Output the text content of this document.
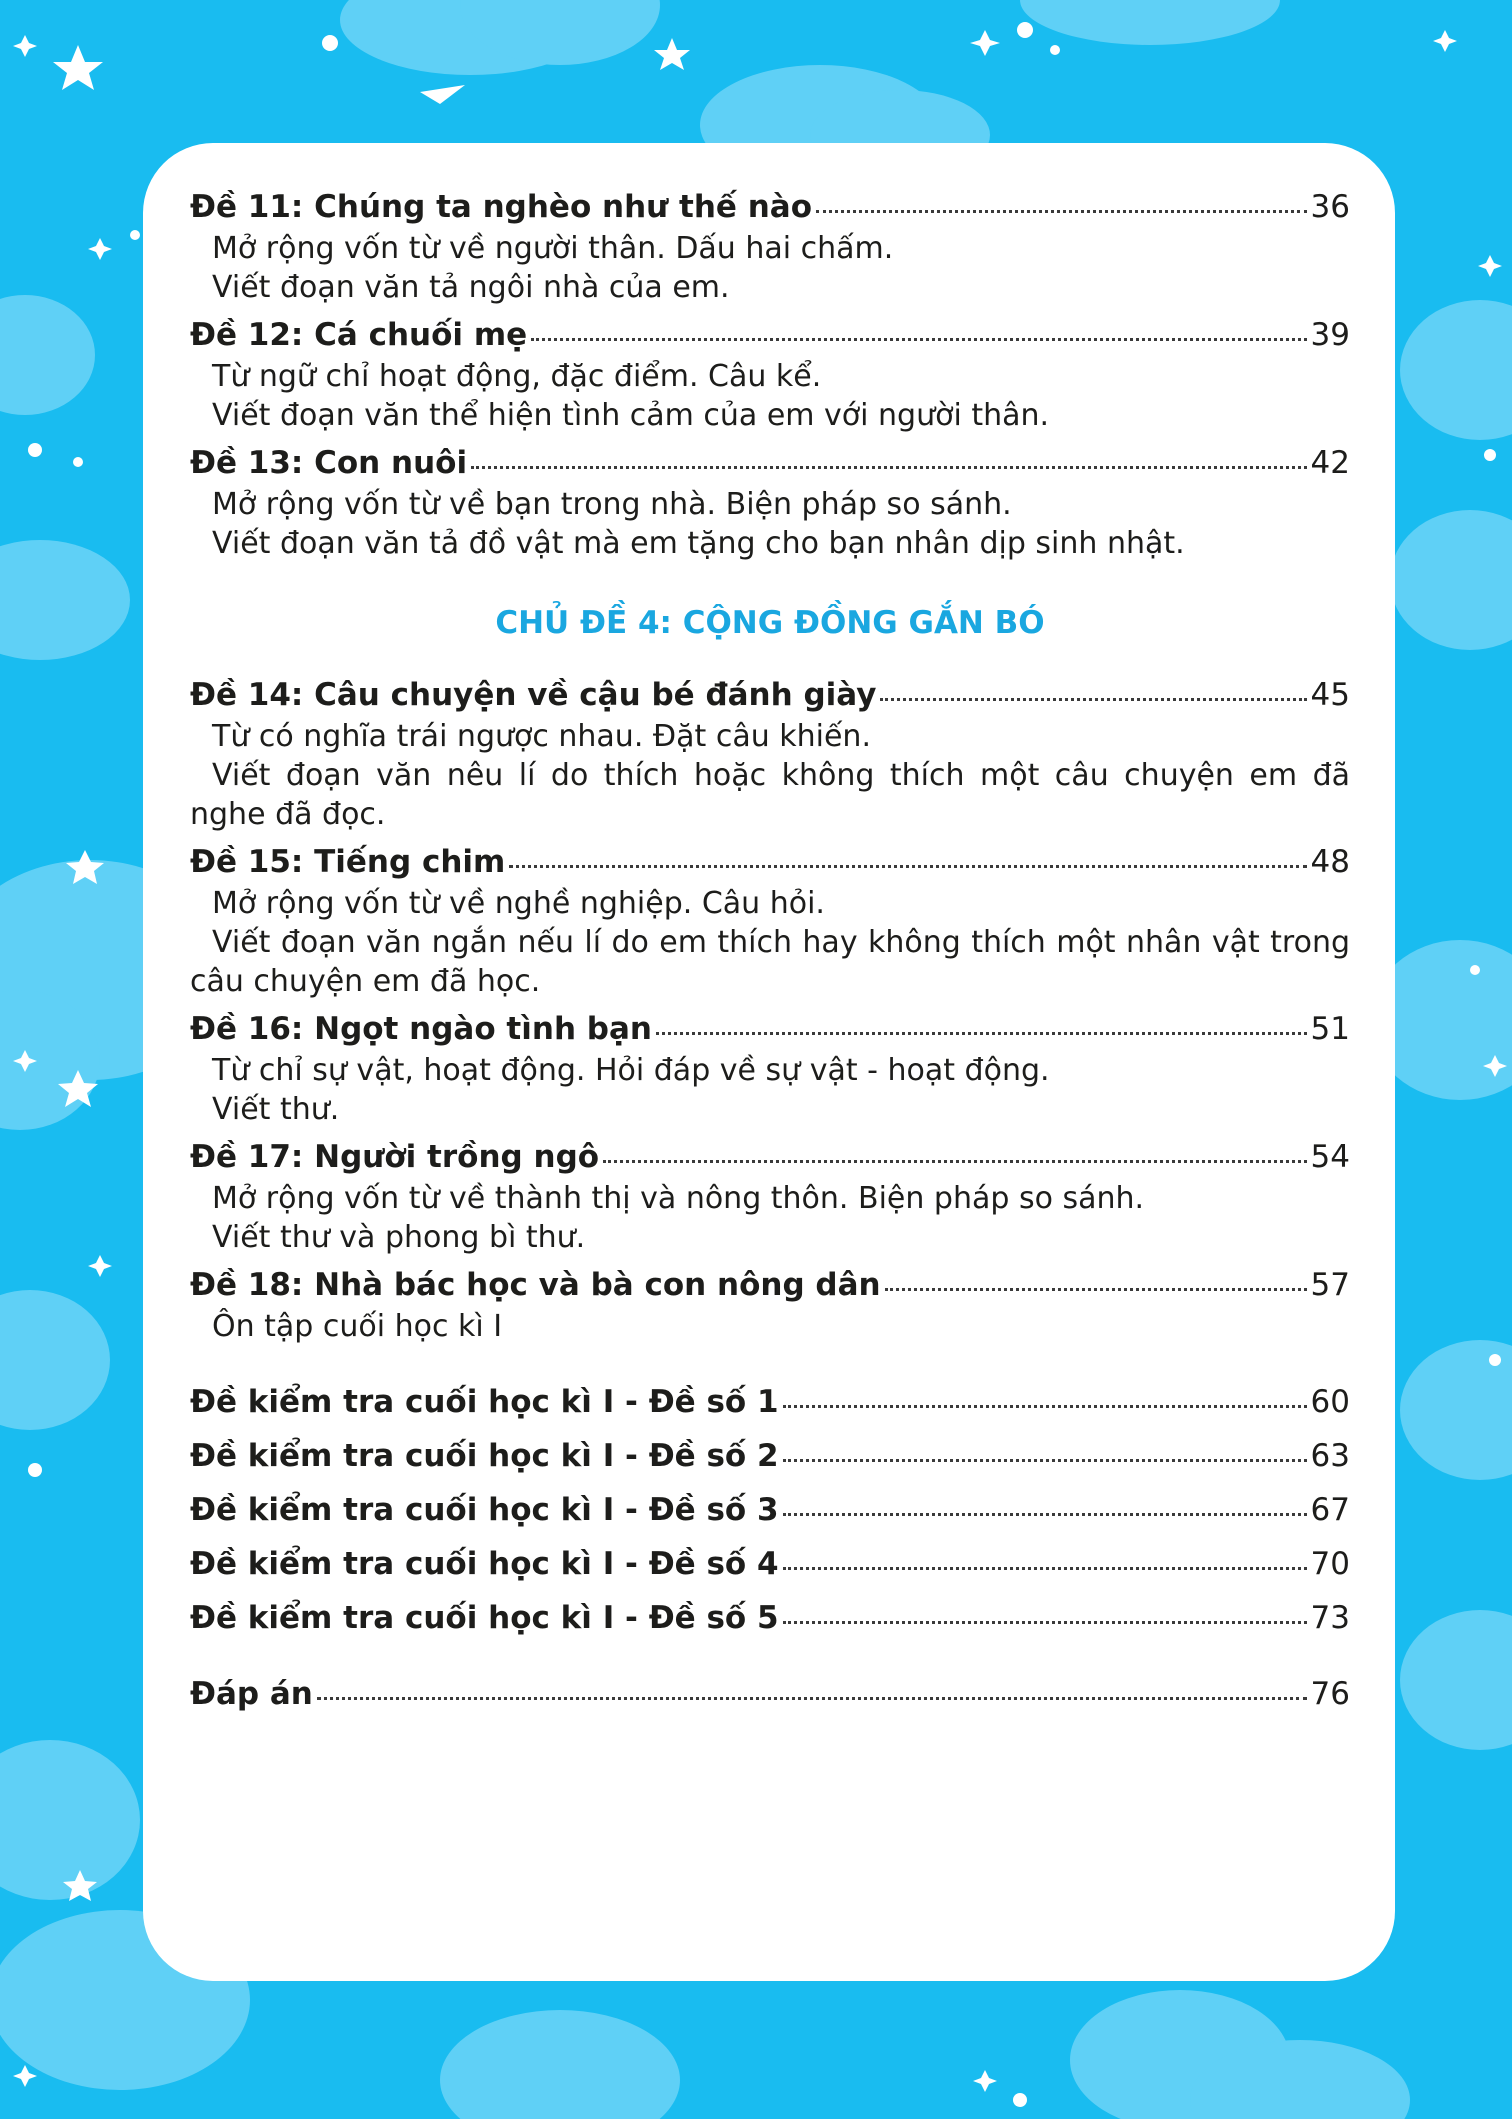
Đề 11: Chúng ta nghèo như thế nào	36

Mở rộng vốn từ về người thân. Dấu hai chấm.
Viết đoạn văn tả ngôi nhà của em.

Đề 12: Cá chuối mẹ	39

Từ ngữ chỉ hoạt động, đặc điểm. Câu kể.
Viết đoạn văn thể hiện tình cảm của em với người thân.

Đề 13: Con nuôi	42

Mở rộng vốn từ về bạn trong nhà. Biện pháp so sánh.
Viết đoạn văn tả đồ vật mà em tặng cho bạn nhân dịp sinh nhật.

CHỦ ĐỀ 4: CỘNG ĐỒNG GẮN BÓ
Đề 14: Câu chuyện về cậu bé đánh giày	45

Từ có nghĩa trái ngược nhau. Đặt câu khiến.
Viết đoạn văn nêu lí do thích hoặc không thích một câu chuyện em đã nghe đã đọc.

Đề 15: Tiếng chim	48

Mở rộng vốn từ về nghề nghiệp. Câu hỏi.
Viết đoạn văn ngắn nếu lí do em thích hay không thích một nhân vật trong câu chuyện em đã học.

Đề 16: Ngọt ngào tình bạn	51

Từ chỉ sự vật, hoạt động. Hỏi đáp về sự vật - hoạt động.
Viết thư.

Đề 17: Người trồng ngô	54

Mở rộng vốn từ về thành thị và nông thôn. Biện pháp so sánh.
Viết thư và phong bì thư.

Đề 18: Nhà bác học và bà con nông dân	57

Ôn tập cuối học kì I

Đề kiểm tra cuối học kì I - Đề số 1	60
Đề kiểm tra cuối học kì I - Đề số 2	63
Đề kiểm tra cuối học kì I - Đề số 3	67
Đề kiểm tra cuối học kì I - Đề số 4	70
Đề kiểm tra cuối học kì I - Đề số 5	73
Đáp án	76
